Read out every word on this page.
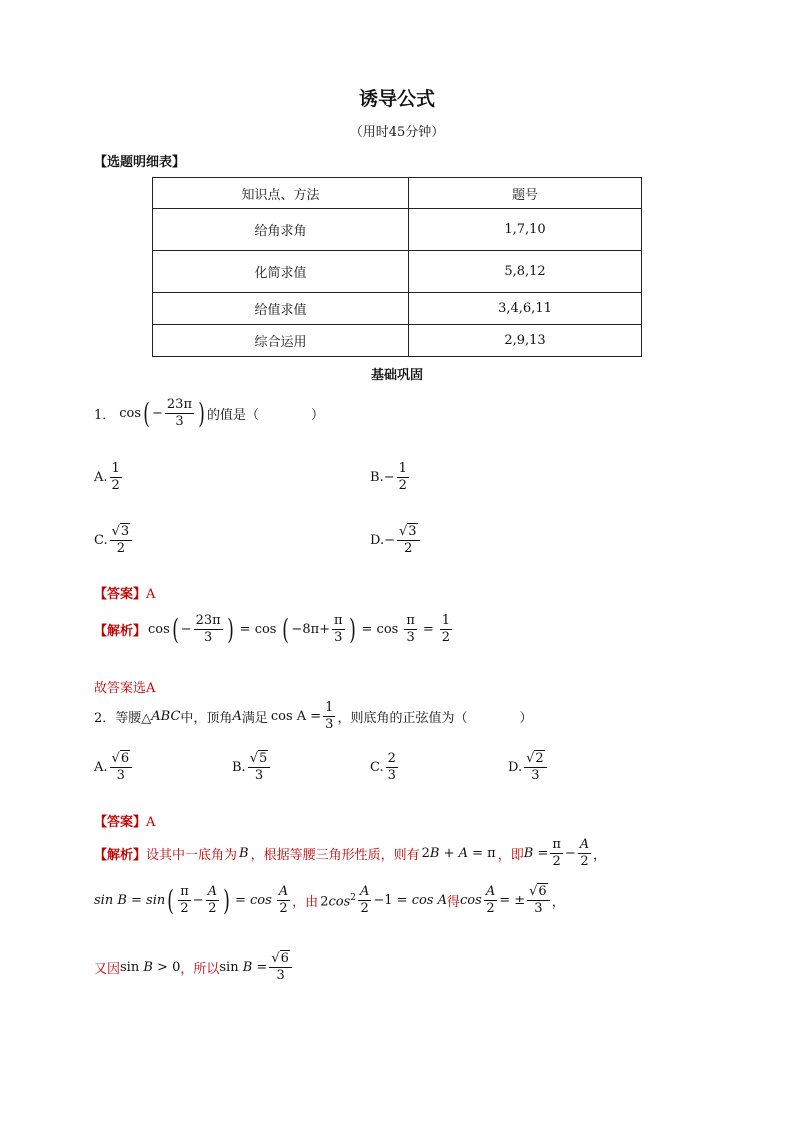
诱导公式
（用时45分钟）
【选题明细表】
知识点、方法	题号
给角求角	1,7,10
化简求值	5,8,12
给值求值	3,4,6,11
综合运用	2,9,13
基础巩固
1． cos ( − $\frac{23\pi}{3}$ ) 的值是（　　　　）
A. $\frac{1}{2}$	B. − $\frac{1}{2}$
C. $\frac{√3}{2}$	D. − $\frac{√3}{2}$
【答案】A
【解析】 cos ( − $\frac{23\pi}{3}$ ) = cos ( $-8\pi+ \frac{\pi}{3}$ ) = $\cos \frac{\pi}{3} = \frac{1}{2}$
故答案选A
2． 等腰△ ABC 中，顶角 A 满足 $\cos A = \frac{1}{3}$ ，则底角的正弦值为（　　　　）
A. $\frac{√6}{3}$	B. $\frac{√5}{3}$	C. $\frac{2}{3}$	D. $\frac{√2}{3}$
【答案】A
【解析】 设其中一底角为 B ，根据等腰三角形性质，则有 2B + A = π ，即 B =
π
2
−
A
2 ，
sin B = sin ( π
2
−
A
2 ) = cos
A
2 ，由 $2\cos^2$ A
2
−1 = cos A 得 $\cos \frac{A}{2}$ = ± $\frac{√6}{3}$ ，
又因 sin B > 0 ，所以 $\sin B = \frac{√6}{3}$
